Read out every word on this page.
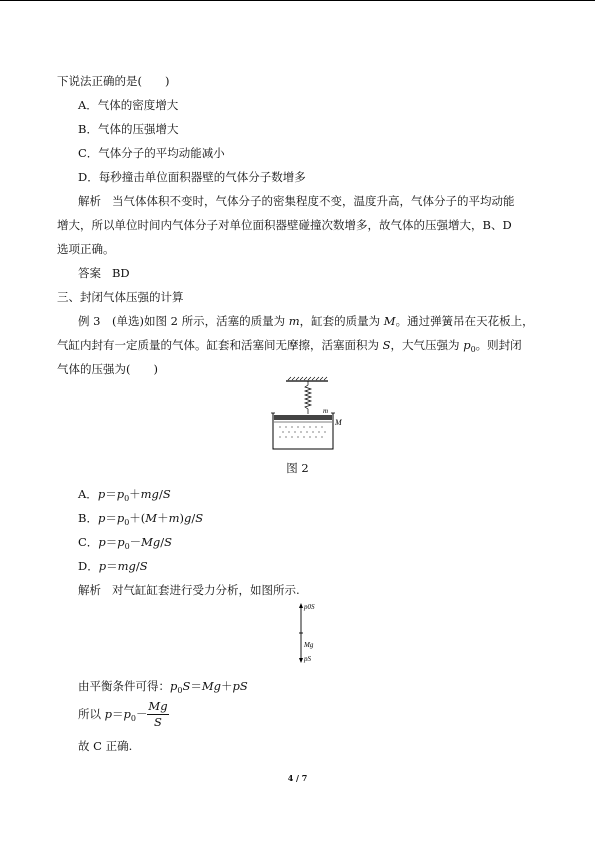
下说法正确的是(　　)
A．气体的密度增大
B．气体的压强增大
C．气体分子的平均动能减小
D．每秒撞击单位面积器壁的气体分子数增多
解析 当气体体积不变时，气体分子的密集程度不变，温度升高，气体分子的平均动能
增大，所以单位时间内气体分子对单位面积器壁碰撞次数增多，故气体的压强增大，B、D
选项正确。
答案 BD
三、封闭气体压强的计算
例 3　(单选)如图 2 所示，活塞的质量为 m，缸套的质量为 M。通过弹簧吊在天花板上，
气缸内封有一定质量的气体。缸套和活塞间无摩擦，活塞面积为 S，大气压强为 $p_0$。则封闭
气体的压强为(　　)
m
M
图 2
A．$p=p_0+mg/S$
B．$p=p_0+(M+m)g/S$
C．$p=p_0-Mg/S$
D．p＝mg/S
解析 对气缸缸套进行受力分析，如图所示.
p0S
Mg
pS
由平衡条件可得：$p_0S=Mg+pS$
所以 $p=p_0-$
Mg
S
故 C 正确.
4 / 7
